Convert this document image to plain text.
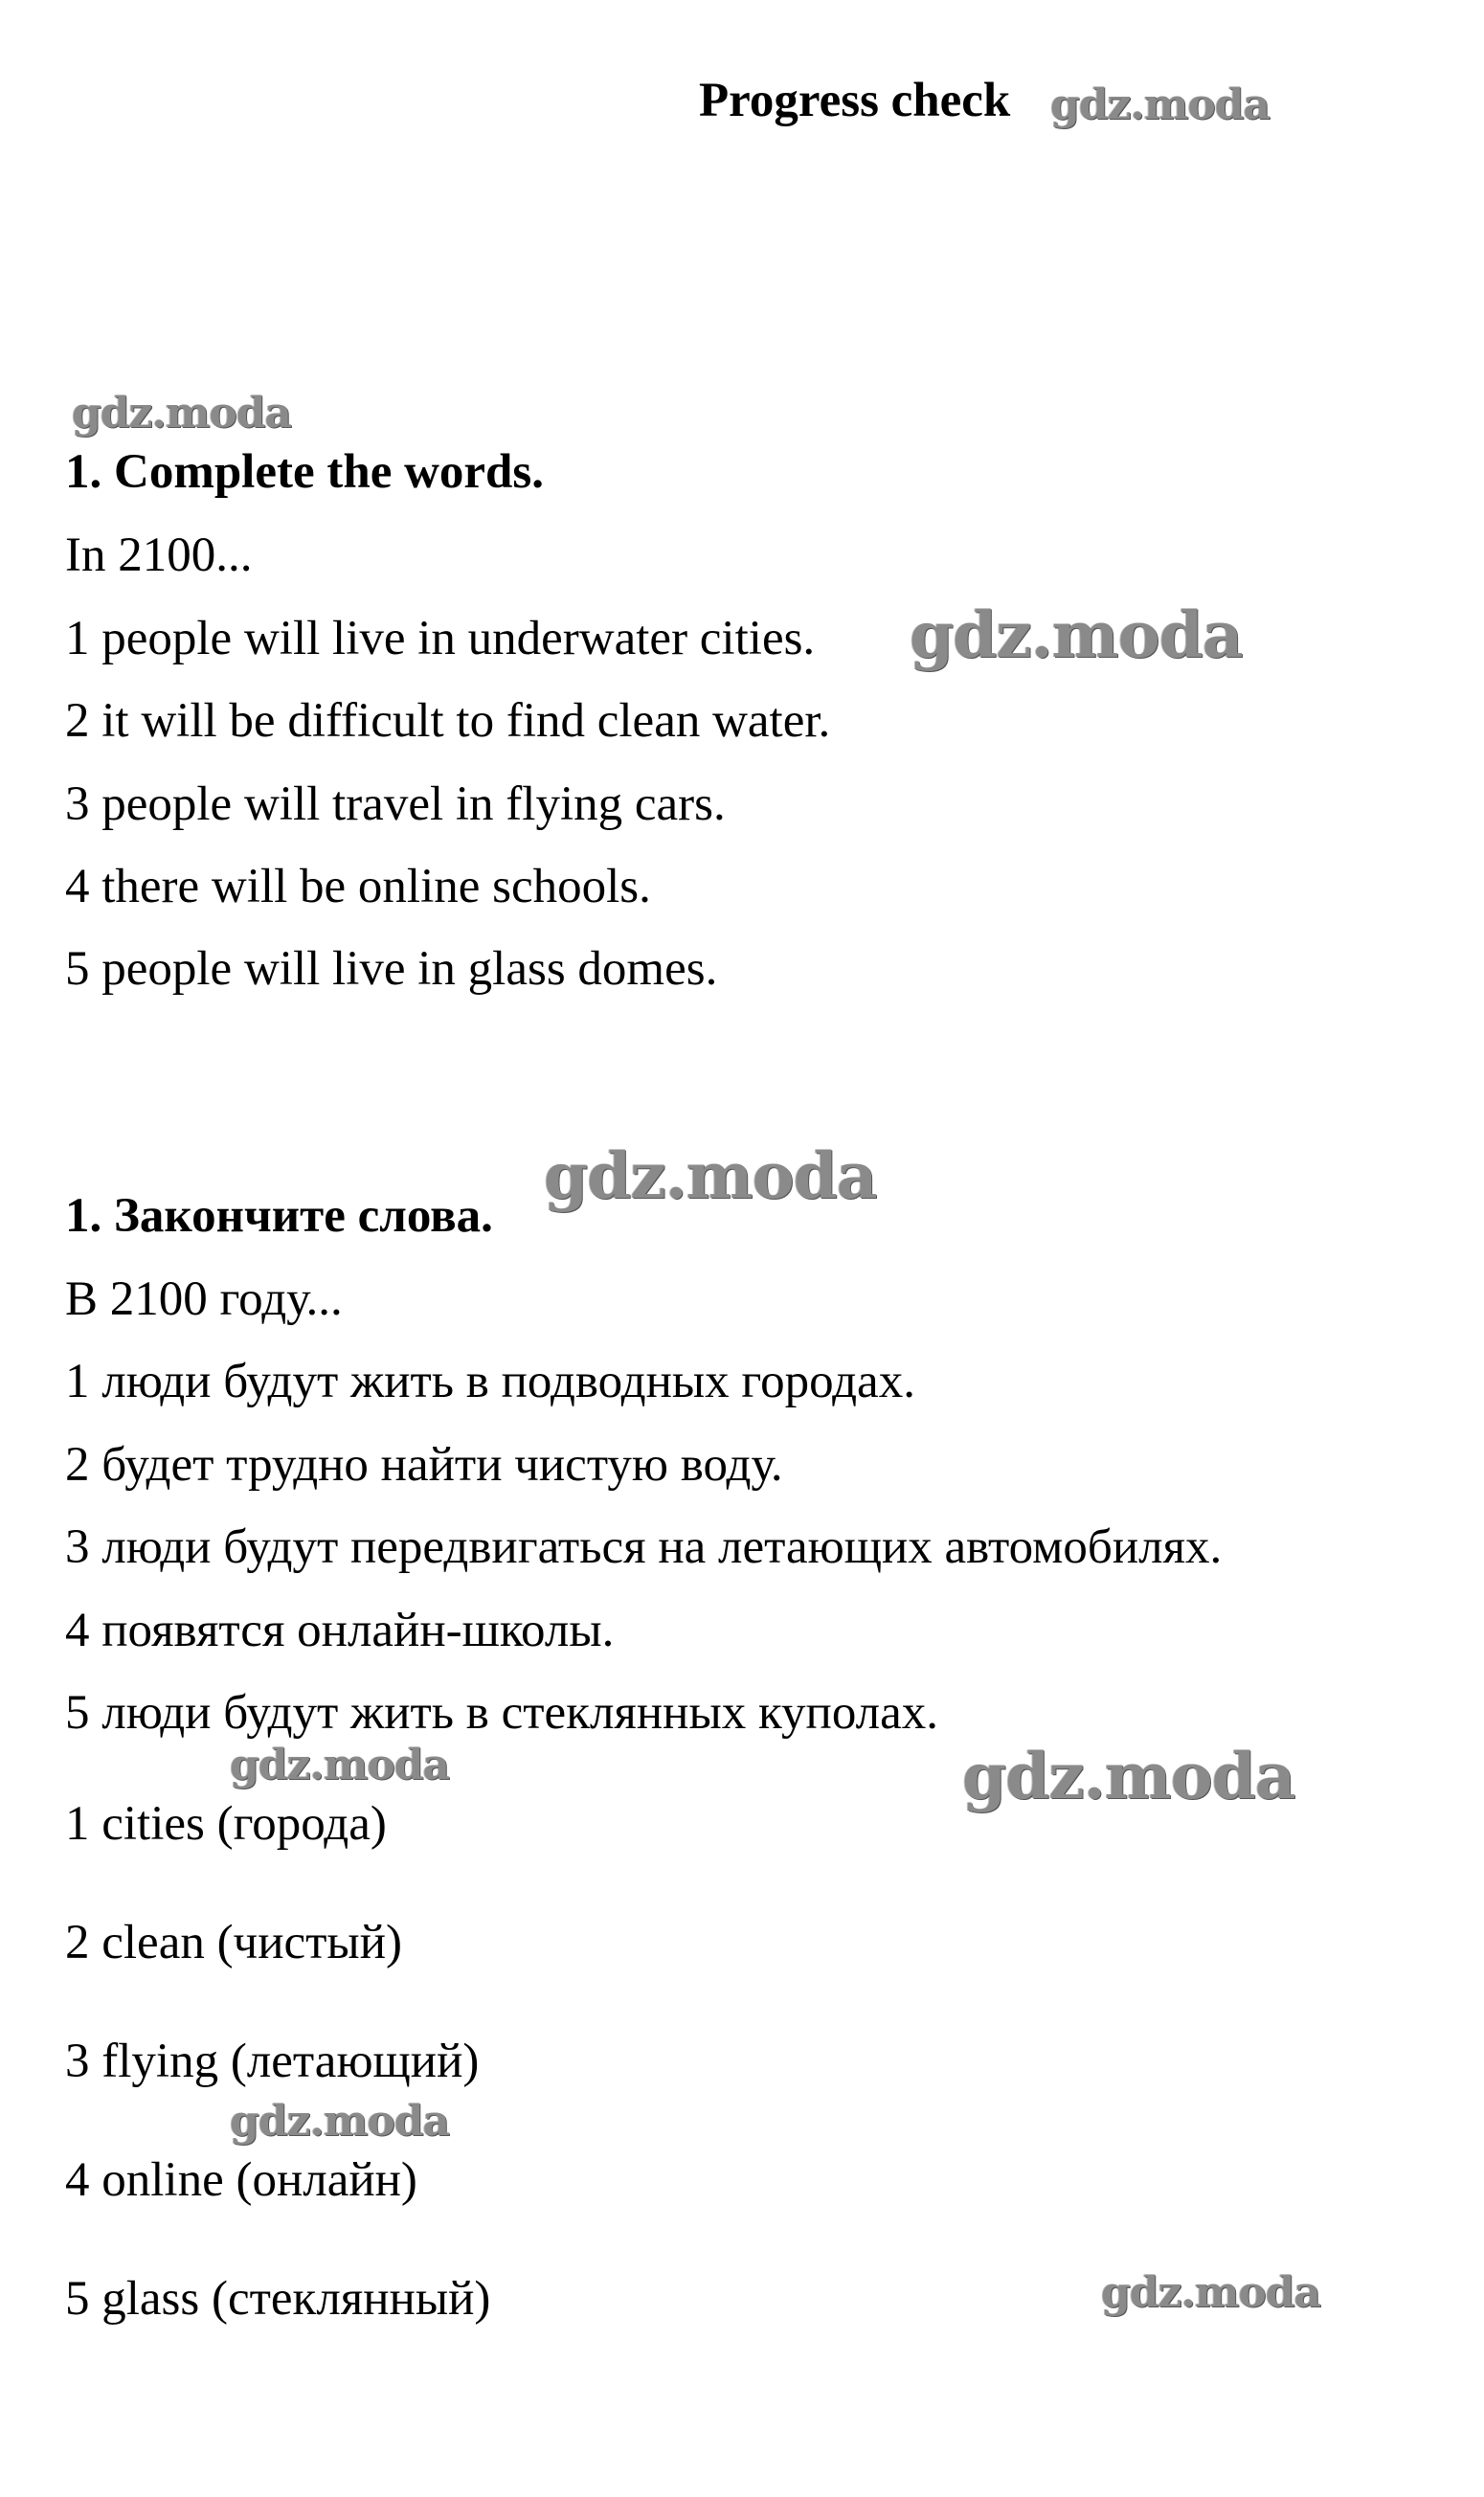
Progress check gdz.moda
gdz.moda
1. Complete the words.
In 2100...
1 people will live in underwater cities. gdz.moda
2 it will be difficult to find clean water.
3 people will travel in flying cars.
4 there will be online schools.
5 people will live in glass domes.
gdz.moda
1. Закончите слова.
В 2100 году...
1 люди будут жить в подводных городах.
2 будет трудно найти чистую воду.
3 люди будут передвигаться на летающих автомобилях.
4 появятся онлайн-школы.
5 люди будут жить в стеклянных куполах.
gdz.moda	gdz.moda
1 cities (города)
2 clean (чистый)
3 flying (летающий)
gdz.moda
4 online (онлайн)
5 glass (стеклянный)	gdz.moda
